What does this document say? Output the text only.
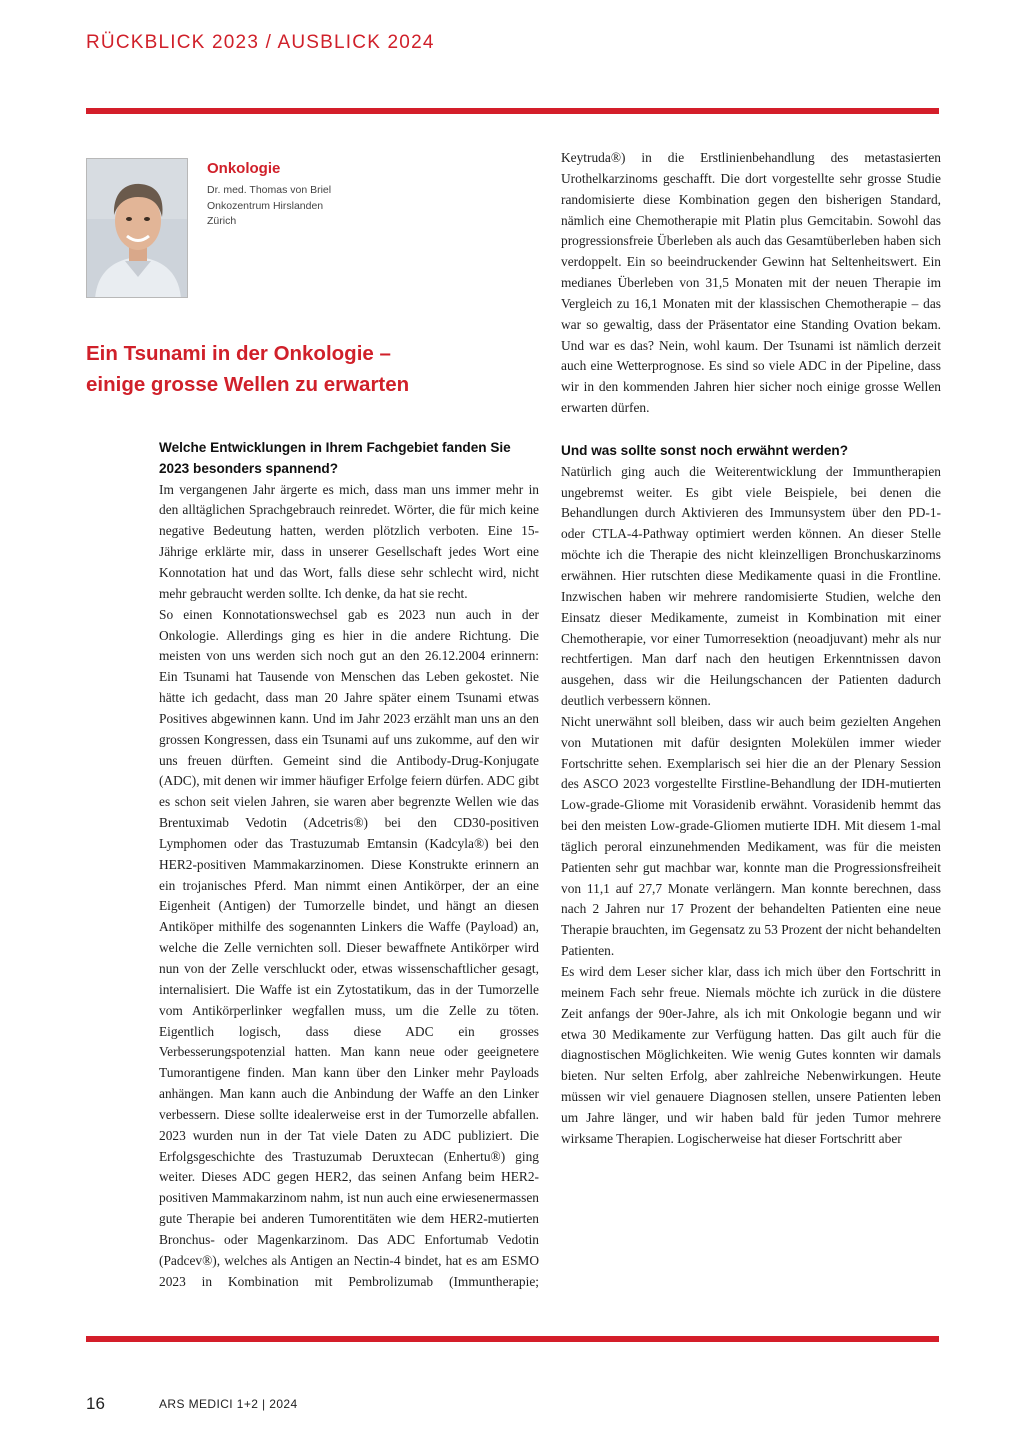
RÜCKBLICK 2023 / AUSBLICK 2024
Onkologie
Dr. med. Thomas von Briel
Onkozentrum Hirslanden
Zürich
Ein Tsunami in der Onkologie –
einige grosse Wellen zu erwarten
Welche Entwicklungen in Ihrem Fachgebiet fanden Sie 2023 besonders spannend?

Im vergangenen Jahr ärgerte es mich, dass man uns immer mehr in den alltäglichen Sprachgebrauch reinredet. Wörter, die für mich keine negative Bedeutung hatten, werden plötzlich verboten. Eine 15-Jährige erklärte mir, dass in unserer Gesellschaft jedes Wort eine Konnotation hat und das Wort, falls diese sehr schlecht wird, nicht mehr gebraucht werden sollte. Ich denke, da hat sie recht.

So einen Konnotationswechsel gab es 2023 nun auch in der Onkologie. Allerdings ging es hier in die andere Richtung. Die meisten von uns werden sich noch gut an den 26.12.2004 erinnern: Ein Tsunami hat Tausende von Menschen das Leben gekostet. Nie hätte ich gedacht, dass man 20 Jahre später einem Tsunami etwas Positives abgewinnen kann. Und im Jahr 2023 erzählt man uns an den grossen Kongressen, dass ein Tsunami auf uns zukomme, auf den wir uns freuen dürften. Gemeint sind die Antibody-Drug-Konjugate (ADC), mit denen wir immer häufiger Erfolge feiern dürfen. ADC gibt es schon seit vielen Jahren, sie waren aber begrenzte Wellen wie das Brentuximab Vedotin (Adcetris®) bei den CD30-positiven Lymphomen oder das Trastuzumab Emtansin (Kadcyla®) bei den HER2-positiven Mammakarzinomen. Diese Konstrukte erinnern an ein trojanisches Pferd. Man nimmt einen Antikörper, der an eine Eigenheit (Antigen) der Tumorzelle bindet, und hängt an diesen Antiköper mithilfe des sogenannten Linkers die Waffe (Payload) an, welche die Zelle vernichten soll. Dieser bewaffnete Antikörper wird nun von der Zelle verschluckt oder, etwas wissenschaftlicher gesagt, internalisiert. Die Waffe ist ein Zytostatikum, das in der Tumorzelle vom Antikörperlinker wegfallen muss, um die Zelle zu töten. Eigentlich logisch, dass diese ADC ein grosses Verbesserungspotenzial hatten. Man kann neue oder geeignetere Tumorantigene finden. Man kann über den Linker mehr Payloads anhängen. Man kann auch die Anbindung der Waffe an den Linker verbessern. Diese sollte idealerweise erst in der Tumorzelle abfallen. 2023 wurden nun in der Tat viele Daten zu ADC publiziert. Die Erfolgsgeschichte des Trastuzumab Deruxtecan (Enhertu®) ging weiter. Dieses ADC gegen HER2, das seinen Anfang beim HER2-positiven Mammakarzinom nahm, ist nun auch eine erwiesenermassen gute Therapie bei anderen Tumorentitäten wie dem HER2-mutierten Bronchus- oder Magenkarzinom. Das ADC Enfortumab Vedotin (Padcev®), welches als Antigen an Nectin-4 bindet, hat es am ESMO 2023 in Kombination mit Pembrolizumab (Immuntherapie;

Keytruda®) in die Erstlinienbehandlung des metastasierten Urothelkarzinoms geschafft. Die dort vorgestellte sehr grosse Studie randomisierte diese Kombination gegen den bisherigen Standard, nämlich eine Chemotherapie mit Platin plus Gemcitabin. Sowohl das progressionsfreie Überleben als auch das Gesamtüberleben haben sich verdoppelt. Ein so beeindruckender Gewinn hat Seltenheitswert. Ein medianes Überleben von 31,5 Monaten mit der neuen Therapie im Vergleich zu 16,1 Monaten mit der klassischen Chemotherapie – das war so gewaltig, dass der Präsentator eine Standing Ovation bekam. Und war es das? Nein, wohl kaum. Der Tsunami ist nämlich derzeit auch eine Wetterprognose. Es sind so viele ADC in der Pipeline, dass wir in den kommenden Jahren hier sicher noch einige grosse Wellen erwarten dürfen.

Und was sollte sonst noch erwähnt werden?

Natürlich ging auch die Weiterentwicklung der Immuntherapien ungebremst weiter. Es gibt viele Beispiele, bei denen die Behandlungen durch Aktivieren des Immunsystem über den PD-1- oder CTLA-4-Pathway optimiert werden können. An dieser Stelle möchte ich die Therapie des nicht kleinzelligen Bronchuskarzinoms erwähnen. Hier rutschten diese Medikamente quasi in die Frontline. Inzwischen haben wir mehrere randomisierte Studien, welche den Einsatz dieser Medikamente, zumeist in Kombination mit einer Chemotherapie, vor einer Tumorresektion (neoadjuvant) mehr als nur rechtfertigen. Man darf nach den heutigen Erkenntnissen davon ausgehen, dass wir die Heilungschancen der Patienten dadurch deutlich verbessern können.

Nicht unerwähnt soll bleiben, dass wir auch beim gezielten Angehen von Mutationen mit dafür designten Molekülen immer wieder Fortschritte sehen. Exemplarisch sei hier die an der Plenary Session des ASCO 2023 vorgestellte Firstline-Behandlung der IDH-mutierten Low-grade-Gliome mit Vorasidenib erwähnt. Vorasidenib hemmt das bei den meisten Low-grade-Gliomen mutierte IDH. Mit diesem 1-mal täglich peroral einzunehmenden Medikament, was für die meisten Patienten sehr gut machbar war, konnte man die Progressionsfreiheit von 11,1 auf 27,7 Monate verlängern. Man konnte berechnen, dass nach 2 Jahren nur 17 Prozent der behandelten Patienten eine neue Therapie brauchten, im Gegensatz zu 53 Prozent der nicht behandelten Patienten.

Es wird dem Leser sicher klar, dass ich mich über den Fortschritt in meinem Fach sehr freue. Niemals möchte ich zurück in die düstere Zeit anfangs der 90er-Jahre, als ich mit Onkologie begann und wir etwa 30 Medikamente zur Verfügung hatten. Das gilt auch für die diagnostischen Möglichkeiten. Wie wenig Gutes konnten wir damals bieten. Nur selten Erfolg, aber zahlreiche Nebenwirkungen. Heute müssen wir viel genauere Diagnosen stellen, unsere Patienten leben um Jahre länger, und wir haben bald für jeden Tumor mehrere wirksame Therapien. Logischerweise hat dieser Fortschritt aber

16	ARS MEDICI 1+2 | 2024
